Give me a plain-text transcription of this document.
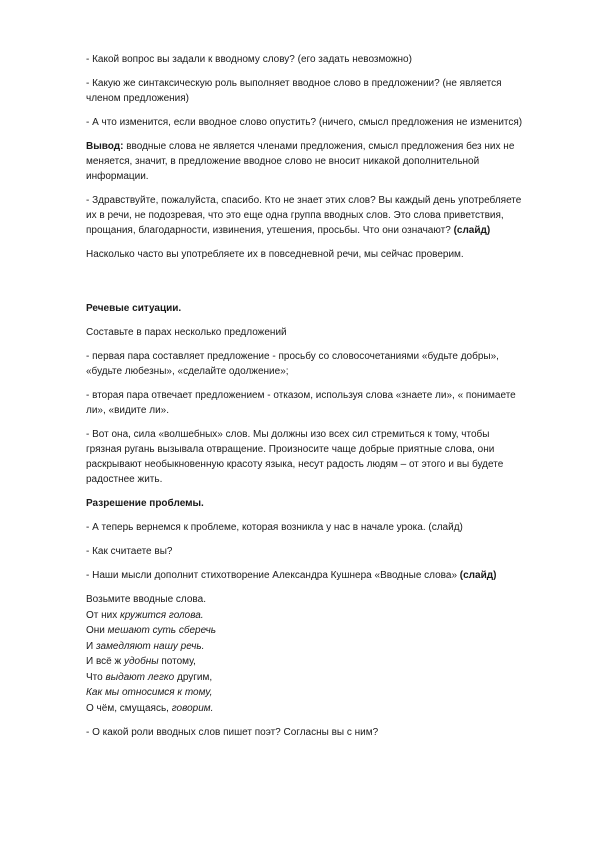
- Какой вопрос вы задали к вводному слову? (его задать невозможно)

- Какую же синтаксическую роль выполняет вводное слово в предложении? (не является членом предложения)

- А что изменится, если вводное слово опустить? (ничего, смысл предложения не изменится)

Вывод: вводные слова не является членами предложения, смысл предложения без них не меняется, значит, в предложение вводное слово не вносит никакой дополнительной информации.

- Здравствуйте, пожалуйста, спасибо. Кто не знает этих слов? Вы каждый день употребляете их в речи, не подозревая, что это еще одна группа вводных слов. Это слова приветствия, прощания, благодарности, извинения, утешения, просьбы. Что они означают? (слайд)

Насколько часто вы употребляете их в повседневной речи, мы сейчас проверим.

Речевые ситуации.

Составьте в парах несколько предложений

- первая пара составляет предложение - просьбу со словосочетаниями «будьте добры», «будьте любезны», «сделайте одолжение»;

- вторая пара отвечает предложением - отказом, используя слова «знаете ли», « понимаете ли», «видите ли».

- Вот она, сила «волшебных» слов. Мы должны изо всех сил стремиться к тому, чтобы грязная ругань вызывала отвращение. Произносите чаще добрые приятные слова, они раскрывают необыкновенную красоту языка, несут радость людям – от этого и вы будете радостнее жить.

Разрешение проблемы.

- А теперь вернемся к проблеме, которая возникла у нас в начале урока. (слайд)

- Как считаете вы?

- Наши мысли дополнит стихотворение Александра Кушнера «Вводные слова» (слайд)

Возьмите вводные слова.
От них кружится голова.
Они мешают суть сберечь
И замедляют нашу речь.
И всё ж удобны потому,
Что выдают легко другим,
Как мы относимся к тому,
О чём, смущаясь, говорим.

- О какой роли вводных слов пишет поэт? Согласны вы с ним?
